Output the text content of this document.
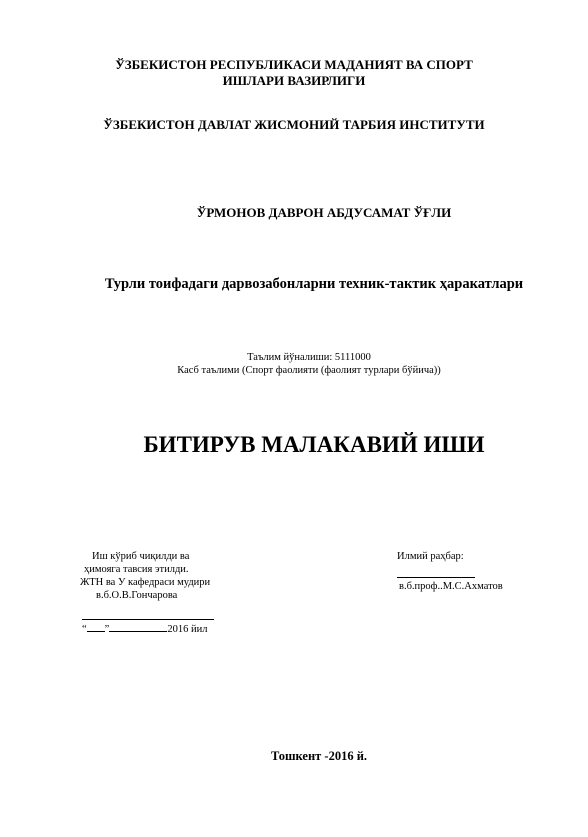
ЎЗБЕКИСТОН РЕСПУБЛИКАСИ МАДАНИЯТ ВА СПОРТ
ИШЛАРИ ВАЗИРЛИГИ
ЎЗБЕКИСТОН ДАВЛАТ ЖИСМОНИЙ ТАРБИЯ ИНСТИТУТИ
ЎРМОНОВ ДАВРОН АБДУСАМАТ ЎҒЛИ
Турли тоифадаги дарвозабонларни техник-тактик ҳаракатлари
Таълим йўналиши: 5111000
Касб таълими (Спорт фаолияти (фаолият турлари бўйича))
БИТИРУВ МАЛАКАВИЙ ИШИ
Иш кўриб чиқилди ва
ҳимояга тавсия этилди.
ЖТН ва У кафедраси мудири
в.б.О.В.Гончарова
“ ”	2016 йил
Илмий раҳбар:
в.б.проф..М.С.Ахматов
Тошкент -2016 й.
